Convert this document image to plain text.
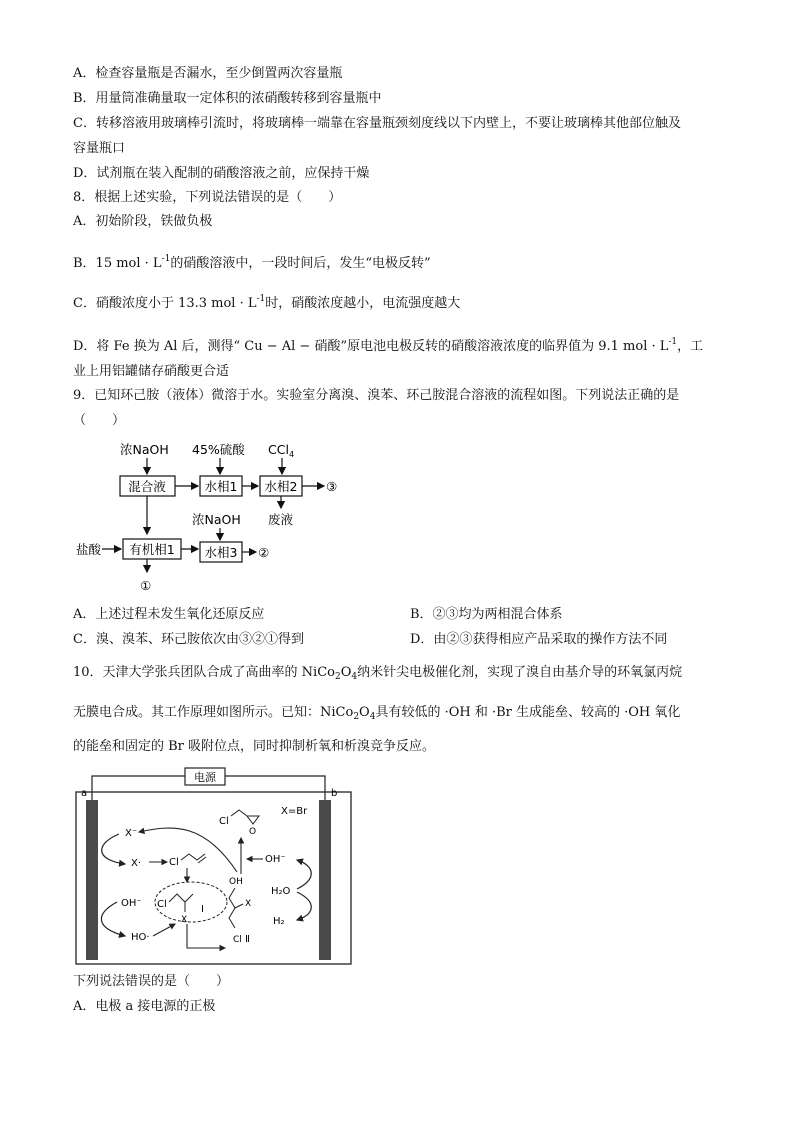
A．检查容量瓶是否漏水，至少倒置两次容量瓶
B．用量筒准确量取一定体积的浓硝酸转移到容量瓶中
C．转移溶液用玻璃棒引流时，将玻璃棒一端靠在容量瓶颈刻度线以下内壁上，不要让玻璃棒其他部位触及
容量瓶口
D．试剂瓶在装入配制的硝酸溶液之前，应保持干燥
8．根据上述实验，下列说法错误的是（　　）
A．初始阶段，铁做负极
B．15 mol · $L^{-1}$的硝酸溶液中，一段时间后，发生“电极反转”
C．硝酸浓度小于 13.3 mol · $L^{-1}$时，硝酸浓度越小，电流强度越大
D．将 Fe 换为 Al 后，测得“ Cu − Al − 硝酸”原电池电极反转的硝酸溶液浓度的临界值为 9.1 mol · $L^{-1}$，工
业上用铝罐储存硝酸更合适
9．已知环己胺（液体）微溶于水。实验室分离溴、溴苯、环己胺混合溶液的流程如图。下列说法正确的是
（　　）
浓NaOH 45%硫酸 CCl$_4$
混合液	水相1 水相2 ③
废液
浓NaOH
盐酸 有机相1 水相3 ②
①
A．上述过程未发生氧化还原反应	B．②③均为两相混合体系
C．溴、溴苯、环己胺依次由③②①得到	D．由②③获得相应产品采取的操作方法不同
10．天津大学张兵团队合成了高曲率的 $NiCo_2O_4$纳米针尖电极催化剂，实现了溴自由基介导的环氧氯丙烷
无膜电合成。其工作原理如图所示。已知：$NiCo_2O_4$具有较低的 ·OH 和 ·Br 生成能垒、较高的 ·OH 氧化
的能垒和固定的 Br 吸附位点，同时抑制析氧和析溴竞争反应。
电源
a	b
X=Br
Cl
O
X⁻
X·	Cl
Cl
X
Ⅰ
OH
X
Cl Ⅱ
OH⁻
HO·
OH⁻
H₂O
H₂
下列说法错误的是（　　）
A．电极 a 接电源的正极
